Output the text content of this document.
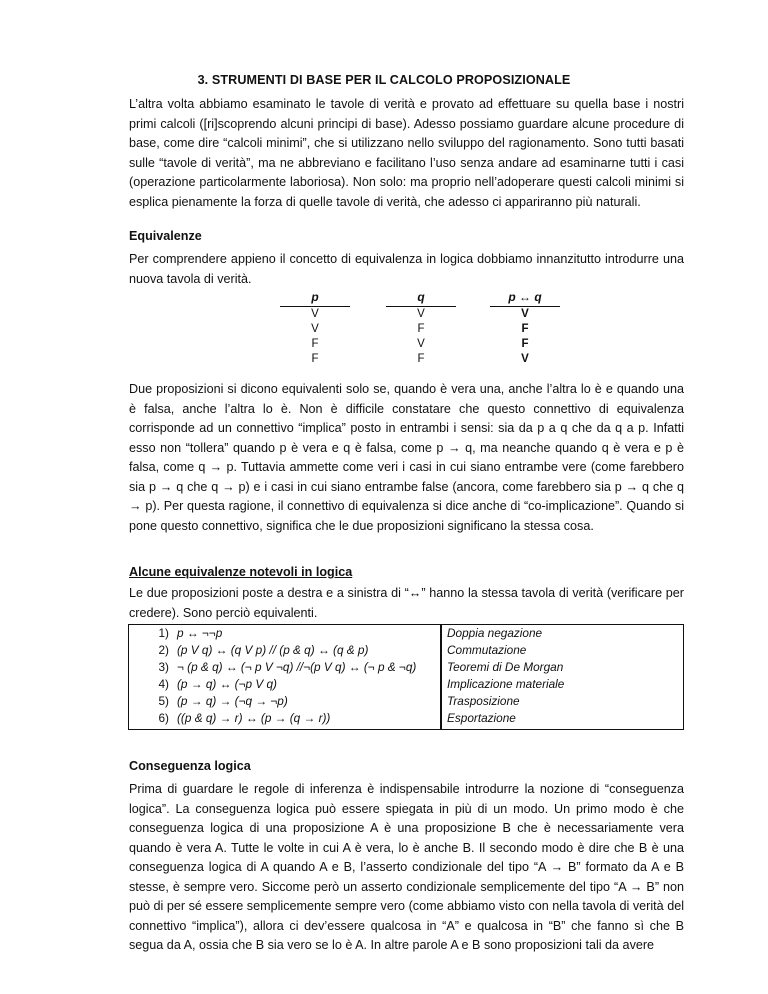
3. STRUMENTI DI BASE PER IL CALCOLO PROPOSIZIONALE

L’altra volta abbiamo esaminato le tavole di verità e provato ad effettuare su quella base i nostri primi calcoli ([ri]scoprendo alcuni principi di base). Adesso possiamo guardare alcune procedure di base, come dire “calcoli minimi”, che si utilizzano nello sviluppo del ragionamento. Sono tutti basati sulle “tavole di verità”, ma ne abbreviano e facilitano l’uso senza andare ad esaminarne tutti i casi (operazione particolarmente laboriosa). Non solo: ma proprio nell’adoperare questi calcoli minimi si esplica pienamente la forza di quelle tavole di verità, che adesso ci appariranno più naturali.

Equivalenze

Per comprendere appieno il concetto di equivalenza in logica dobbiamo innanzitutto introdurre una nuova tavola di verità.

p
V
V
F
F
q
V
F
V
F
p ↔ q
V
F
F
V

Due proposizioni si dicono equivalenti solo se, quando è vera una, anche l’altra lo è e quando una è falsa, anche l’altra lo è. Non è difficile constatare che questo connettivo di equivalenza corrisponde ad un connettivo “implica” posto in entrambi i sensi: sia da p a q che da q a p. Infatti esso non “tollera” quando p è vera e q è falsa, come p → q, ma neanche quando q è vera e p è falsa, come q → p. Tuttavia ammette come veri i casi in cui siano entrambe vere (come farebbero sia p → q che q → p) e i casi in cui siano entrambe false (ancora, come farebbero sia p → q che q → p). Per questa ragione, il connettivo di equivalenza si dice anche di “co-implicazione”. Quando si pone questo connettivo, significa che le due proposizioni significano la stessa cosa.

Alcune equivalenze notevoli in logica

Le due proposizioni poste a destra e a sinistra di “↔” hanno la stessa tavola di verità (verificare per credere). Sono perciò equivalenti.

1) p ↔ ¬¬p
2) (p V q) ↔ (q V p) // (p & q) ↔ (q & p)
3) ¬ (p & q) ↔ (¬ p V ¬q) //¬(p V q) ↔ (¬ p & ¬q)
4) (p → q) ↔ (¬p V q)
5) (p → q) → (¬q → ¬p)
6) ((p & q) → r) ↔ (p → (q → r))
Doppia negazione
Commutazione
Teoremi di De Morgan
Implicazione materiale
Trasposizione
Esportazione

Conseguenza logica

Prima di guardare le regole di inferenza è indispensabile introdurre la nozione di “conseguenza logica”. La conseguenza logica può essere spiegata in più di un modo. Un primo modo è che conseguenza logica di una proposizione A è una proposizione B che è necessariamente vera quando è vera A. Tutte le volte in cui A è vera, lo è anche B. Il secondo modo è dire che B è una conseguenza logica di A quando A e B, l’asserto condizionale del tipo “A → B” formato da A e B stesse, è sempre vero. Siccome però un asserto condizionale semplicemente del tipo “A → B” non può di per sé essere semplicemente sempre vero (come abbiamo visto con nella tavola di verità del connettivo “implica”), allora ci dev’essere qualcosa in “A” e qualcosa in “B” che fanno sì che B segua da A, ossia che B sia vero se lo è A. In altre parole A e B sono proposizioni tali da avere
